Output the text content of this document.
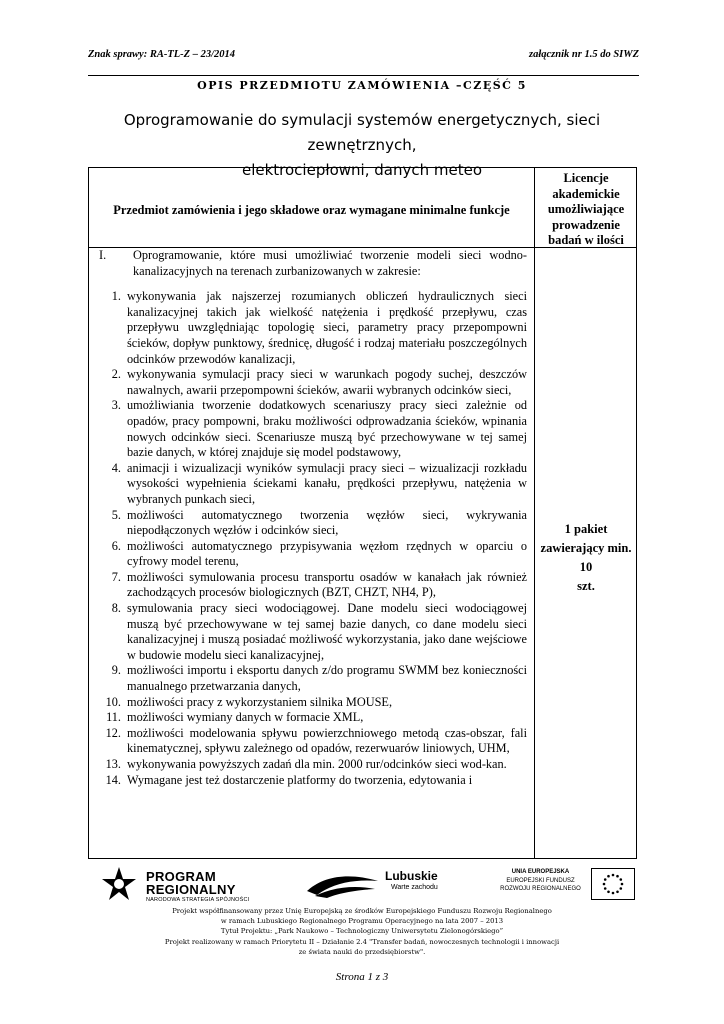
Znak sprawy: RA-TL-Z – 23/2014	załącznik nr 1.5 do SIWZ
OPIS PRZEDMIOTU ZAMÓWIENIA –CZĘŚĆ 5
Oprogramowanie do symulacji systemów energetycznych, sieci zewnętrznych,
elektrociepłowni, danych meteo
Przedmiot zamówienia i jego składowe oraz wymagane minimalne funkcje
Licencje akademickie umożliwiające prowadzenie badań w ilości
I.	Oprogramowanie, które musi umożliwiać tworzenie modeli sieci wodno-kanalizacyjnych na terenach zurbanizowanych w zakresie:
1. wykonywania jak najszerzej rozumianych obliczeń hydraulicznych sieci kanalizacyjnej takich jak wielkość natężenia i prędkość przepływu, czas przepływu uwzględniając topologię sieci, parametry pracy przepompowni ścieków, dopływ punktowy, średnicę, długość i rodzaj materiału poszczególnych odcinków przewodów kanalizacji,
2. wykonywania symulacji pracy sieci w warunkach pogody suchej, deszczów nawalnych, awarii przepompowni ścieków, awarii wybranych odcinków sieci,
3. umożliwiania tworzenie dodatkowych scenariuszy pracy sieci zależnie od opadów, pracy pompowni, braku możliwości odprowadzania ścieków, wpinania nowych odcinków sieci. Scenariusze muszą być przechowywane w tej samej bazie danych, w której znajduje się model podstawowy,
4. animacji i wizualizacji wyników symulacji pracy sieci – wizualizacji rozkładu wysokości wypełnienia ściekami kanału, prędkości przepływu, natężenia w wybranych punkach sieci,
5. możliwości automatycznego tworzenia węzłów sieci, wykrywania niepodłączonych węzłów i odcinków sieci,
6. możliwości automatycznego przypisywania węzłom rzędnych w oparciu o cyfrowy model terenu,
7. możliwości symulowania procesu transportu osadów w kanałach jak również zachodzących procesów biologicznych (BZT, CHZT, NH4, P),
8. symulowania pracy sieci wodociągowej. Dane modelu sieci wodociągowej muszą być przechowywane w tej samej bazie danych, co dane modelu sieci kanalizacyjnej i muszą posiadać możliwość wykorzystania, jako dane wejściowe w budowie modelu sieci kanalizacyjnej,
9. możliwości importu i eksportu danych z/do programu SWMM bez konieczności manualnego przetwarzania danych,
10. możliwości pracy z wykorzystaniem silnika MOUSE,
11. możliwości wymiany danych w formacie XML,
12. możliwości modelowania spływu powierzchniowego metodą czas-obszar, fali kinematycznej, spływu zależnego od opadów, rezerwuarów liniowych, UHM,
13. wykonywania powyższych zadań dla min. 2000 rur/odcinków sieci wod-kan.
14. Wymagane jest też dostarczenie platformy do tworzenia, edytowania i
1 pakiet
zawierający min. 10
szt.
PROGRAM
REGIONALNY
NARODOWA STRATEGIA SPÓJNOŚCI
Lubuskie
Warte zachodu
UNIA EUROPEJSKA
EUROPEJSKI FUNDUSZ
ROZWOJU REGIONALNEGO
Projekt współfinansowany przez Unię Europejską ze środków Europejskiego Funduszu Rozwoju Regionalnego
w ramach Lubuskiego Regionalnego Programu Operacyjnego na lata 2007 – 2013
Tytuł Projektu: „Park Naukowo – Technologiczny Uniwersytetu Zielonogórskiego”
Projekt realizowany w ramach Priorytetu II – Działanie 2.4 "Transfer badań, nowoczesnych technologii i innowacji
ze świata nauki do przedsiębiorstw".
Strona 1 z 3
